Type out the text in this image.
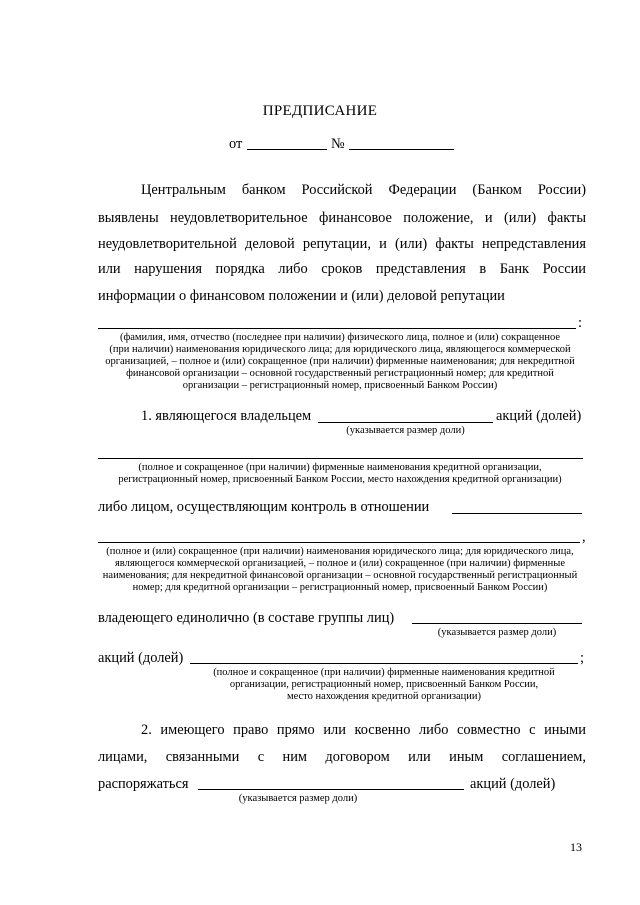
ПРЕДПИСАНИЕ
от	№
Центральным банком Российской Федерации (Банком России)
выявлены неудовлетворительное финансовое положение, и (или) факты
неудовлетворительной деловой репутации, и (или) факты непредставления
или нарушения порядка либо сроков представления в Банк России
информации о финансовом положении и (или) деловой репутации
:
(фамилия, имя, отчество (последнее при наличии) физического лица, полное и (или) сокращенное
(при наличии) наименования юридического лица; для юридического лица, являющегося коммерческой
организацией, – полное и (или) сокращенное (при наличии) фирменные наименования; для некредитной
финансовой организации – основной государственный регистрационный номер; для кредитной
организации – регистрационный номер, присвоенный Банком России)
1. являющегося владельцем	акций (долей)
(указывается размер доли)
(полное и сокращенное (при наличии) фирменные наименования кредитной организации,
регистрационный номер, присвоенный Банком России, место нахождения кредитной организации)
либо лицом, осуществляющим контроль в отношении
,
(полное и (или) сокращенное (при наличии) наименования юридического лица; для юридического лица,
являющегося коммерческой организацией, – полное и (или) сокращенное (при наличии) фирменные
наименования; для некредитной финансовой организации – основной государственный регистрационный
номер; для кредитной организации – регистрационный номер, присвоенный Банком России)
владеющего единолично (в составе группы лиц)
(указывается размер доли)
акций (долей)	;
(полное и сокращенное (при наличии) фирменные наименования кредитной
организации, регистрационный номер, присвоенный Банком России,
место нахождения кредитной организации)
2. имеющего право прямо или косвенно либо совместно с иными
лицами, связанными с ним договором или иным соглашением,
распоряжаться	акций (долей)
(указывается размер доли)
13
